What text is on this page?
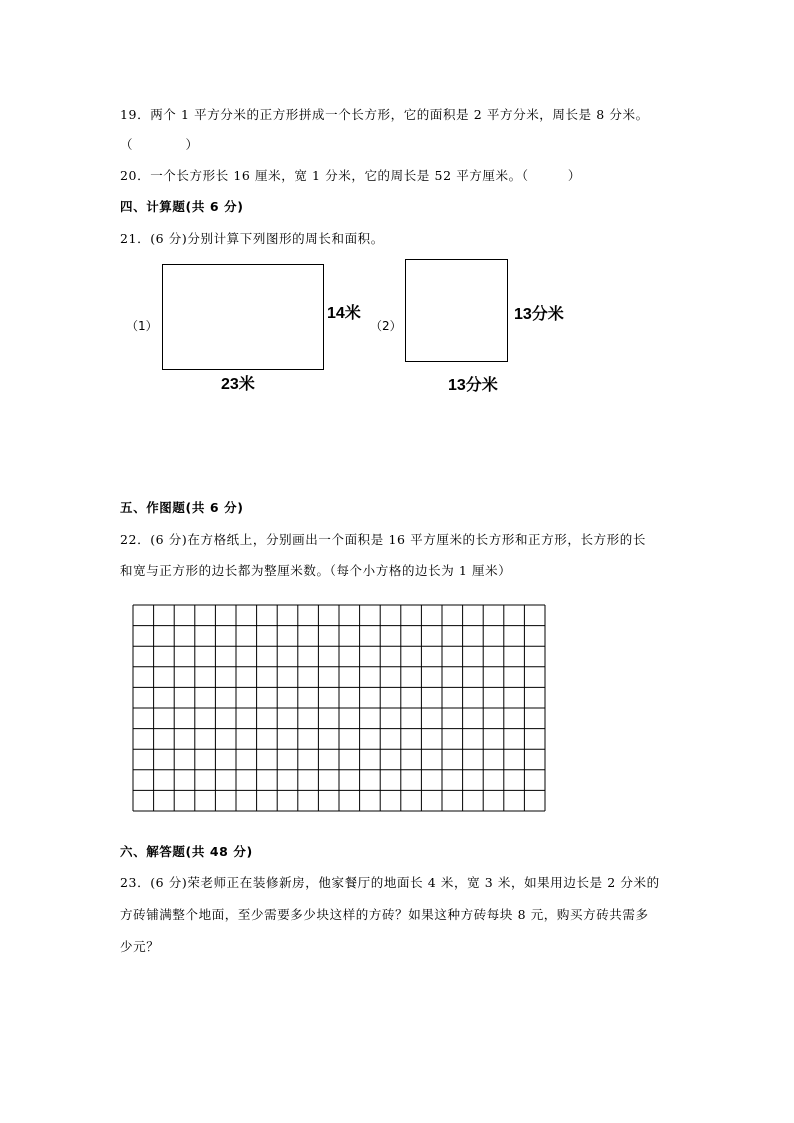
19．两个 1 平方分米的正方形拼成一个长方形，它的面积是 2 平方分米，周长是 8 分米。
（　　　　）
20．一个长方形长 16 厘米，宽 1 分米，它的周长是 52 平方厘米。（　　　）
四、计算题(共 6 分)
21．(6 分)分别计算下列图形的周长和面积。
（1）
14米
23米
（2）
13分米
13分米
五、作图题(共 6 分)
22．(6 分)在方格纸上，分别画出一个面积是 16 平方厘米的长方形和正方形，长方形的长
和宽与正方形的边长都为整厘米数。（每个小方格的边长为 1 厘米）
六、解答题(共 48 分)
23．(6 分)荣老师正在装修新房，他家餐厅的地面长 4 米，宽 3 米，如果用边长是 2 分米的
方砖铺满整个地面，至少需要多少块这样的方砖？如果这种方砖每块 8 元，购买方砖共需多
少元？
